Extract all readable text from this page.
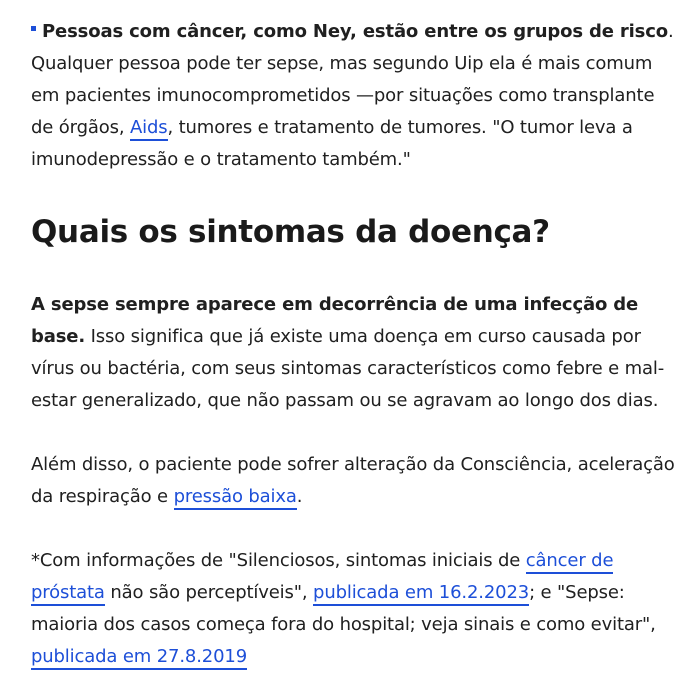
Pessoas com câncer, como Ney, estão entre os grupos de risco. Qualquer pessoa pode ter sepse, mas segundo Uip ela é mais comum em pacientes imunocomprometidos —por situações como transplante de órgãos, Aids, tumores e tratamento de tumores. "O tumor leva a imunodepressão e o tratamento também."

Quais os sintomas da doença?

A sepse sempre aparece em decorrência de uma infecção de base. Isso significa que já existe uma doença em curso causada por vírus ou bactéria, com seus sintomas característicos como febre e mal-estar generalizado, que não passam ou se agravam ao longo dos dias.

Além disso, o paciente pode sofrer alteração da Consciência, aceleração da respiração e pressão baixa.

*Com informações de "Silenciosos, sintomas iniciais de câncer de próstata não são perceptíveis", publicada em 16.2.2023; e "Sepse: maioria dos casos começa fora do hospital; veja sinais e como evitar", publicada em 27.8.2019
